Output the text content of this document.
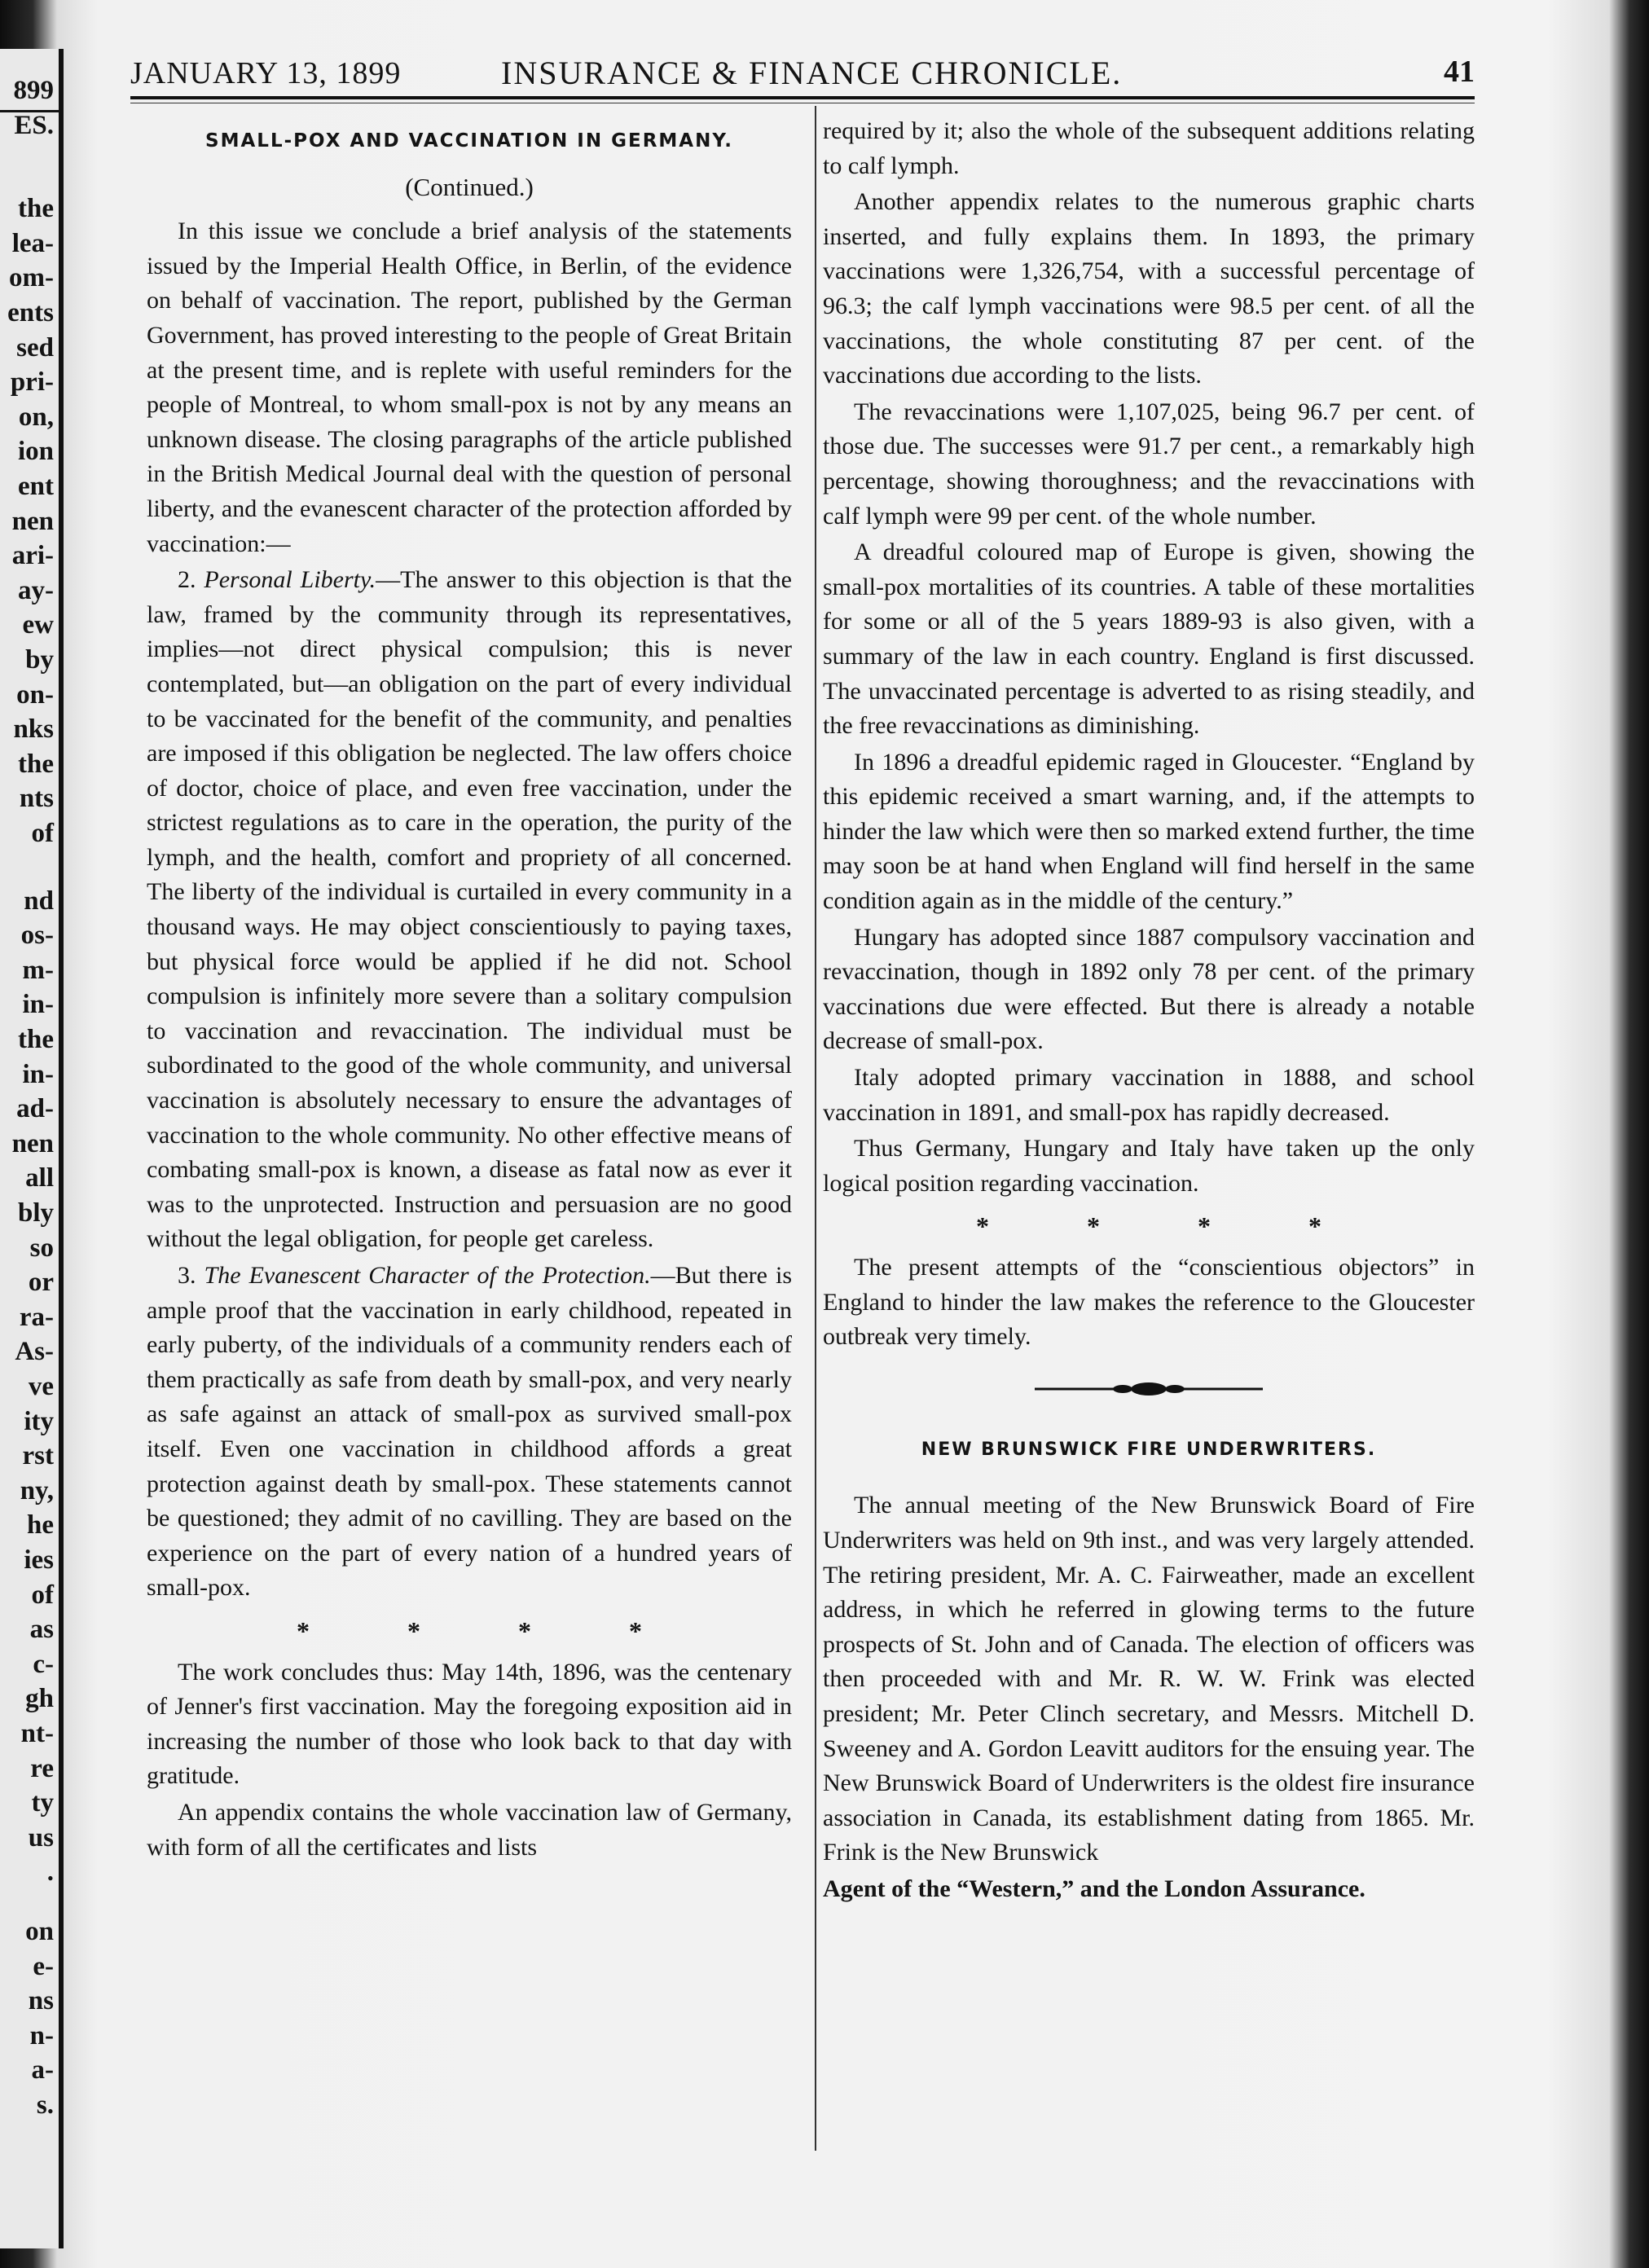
899
ES.
the
lea-
om-
ents
sed
pri-
on,
ion
ent
nen
ari-
ay-
ew
by
on-
nks
the
nts
of
nd
os-
m-
in-
the
in-
ad-
nen
all
bly
so
or
ra-
As-
ve
ity
rst
ny,
he
ies
of
as
c-
gh
nt-
re
ty
us
.
on
e-
ns
n-
a-
s.
JANUARY 13, 1899	INSURANCE & FINANCE CHRONICLE.	41
SMALL-POX AND VACCINATION IN GERMANY.
(Continued.)

In this issue we conclude a brief analysis of the statements issued by the Imperial Health Office, in Berlin, of the evidence on behalf of vaccination. The report, published by the German Government, has proved interesting to the people of Great Britain at the present time, and is replete with useful reminders for the people of Montreal, to whom small-pox is not by any means an unknown disease. The closing paragraphs of the article published in the British Medical Journal deal with the question of personal liberty, and the evanescent character of the protection afforded by vaccination:—

2. Personal Liberty.—The answer to this objection is that the law, framed by the community through its representatives, implies—not direct physical compulsion; this is never contemplated, but—an obligation on the part of every individual to be vaccinated for the benefit of the community, and penalties are imposed if this obligation be neglected. The law offers choice of doctor, choice of place, and even free vaccination, under the strictest regulations as to care in the operation, the purity of the lymph, and the health, comfort and propriety of all concerned. The liberty of the individual is curtailed in every community in a thousand ways. He may object conscientiously to paying taxes, but physical force would be applied if he did not. School compulsion is infinitely more severe than a solitary compulsion to vaccination and revaccination. The individual must be subordinated to the good of the whole community, and universal vaccination is absolutely necessary to ensure the advantages of vaccination to the whole community. No other effective means of combating small-pox is known, a disease as fatal now as ever it was to the unprotected. Instruction and persuasion are no good without the legal obligation, for people get careless.

3. The Evanescent Character of the Protection.—But there is ample proof that the vaccination in early childhood, repeated in early puberty, of the individuals of a community renders each of them practically as safe from death by small-pox, and very nearly as safe against an attack of small-pox as survived small-pox itself. Even one vaccination in childhood affords a great protection against death by small-pox. These statements cannot be questioned; they admit of no cavilling. They are based on the experience on the part of every nation of a hundred years of small-pox.

* * * *

The work concludes thus: May 14th, 1896, was the centenary of Jenner's first vaccination. May the foregoing exposition aid in increasing the number of those who look back to that day with gratitude.

An appendix contains the whole vaccination law of Germany, with form of all the certificates and lists

required by it; also the whole of the subsequent additions relating to calf lymph.

Another appendix relates to the numerous graphic charts inserted, and fully explains them. In 1893, the primary vaccinations were 1,326,754, with a successful percentage of 96.3; the calf lymph vaccinations were 98.5 per cent. of all the vaccinations, the whole constituting 87 per cent. of the vaccinations due according to the lists.

The revaccinations were 1,107,025, being 96.7 per cent. of those due. The successes were 91.7 per cent., a remarkably high percentage, showing thoroughness; and the revaccinations with calf lymph were 99 per cent. of the whole number.

A dreadful coloured map of Europe is given, showing the small-pox mortalities of its countries. A table of these mortalities for some or all of the 5 years 1889-93 is also given, with a summary of the law in each country. England is first discussed. The unvaccinated percentage is adverted to as rising steadily, and the free revaccinations as diminishing.

In 1896 a dreadful epidemic raged in Gloucester. “England by this epidemic received a smart warning, and, if the attempts to hinder the law which were then so marked extend further, the time may soon be at hand when England will find herself in the same condition again as in the middle of the century.”

Hungary has adopted since 1887 compulsory vaccination and revaccination, though in 1892 only 78 per cent. of the primary vaccinations due were effected. But there is already a notable decrease of small-pox.

Italy adopted primary vaccination in 1888, and school vaccination in 1891, and small-pox has rapidly decreased.

Thus Germany, Hungary and Italy have taken up the only logical position regarding vaccination.

* * * *

The present attempts of the “conscientious objectors” in England to hinder the law makes the reference to the Gloucester outbreak very timely.

NEW BRUNSWICK FIRE UNDERWRITERS.

The annual meeting of the New Brunswick Board of Fire Underwriters was held on 9th inst., and was very largely attended. The retiring president, Mr. A. C. Fairweather, made an excellent address, in which he referred in glowing terms to the future prospects of St. John and of Canada. The election of officers was then proceeded with and Mr. R. W. W. Frink was elected president; Mr. Peter Clinch secretary, and Messrs. Mitchell D. Sweeney and A. Gordon Leavitt auditors for the ensuing year. The New Brunswick Board of Underwriters is the oldest fire insurance association in Canada, its establishment dating from 1865. Mr. Frink is the New Brunswick

Agent of the “Western,” and the London Assurance.
